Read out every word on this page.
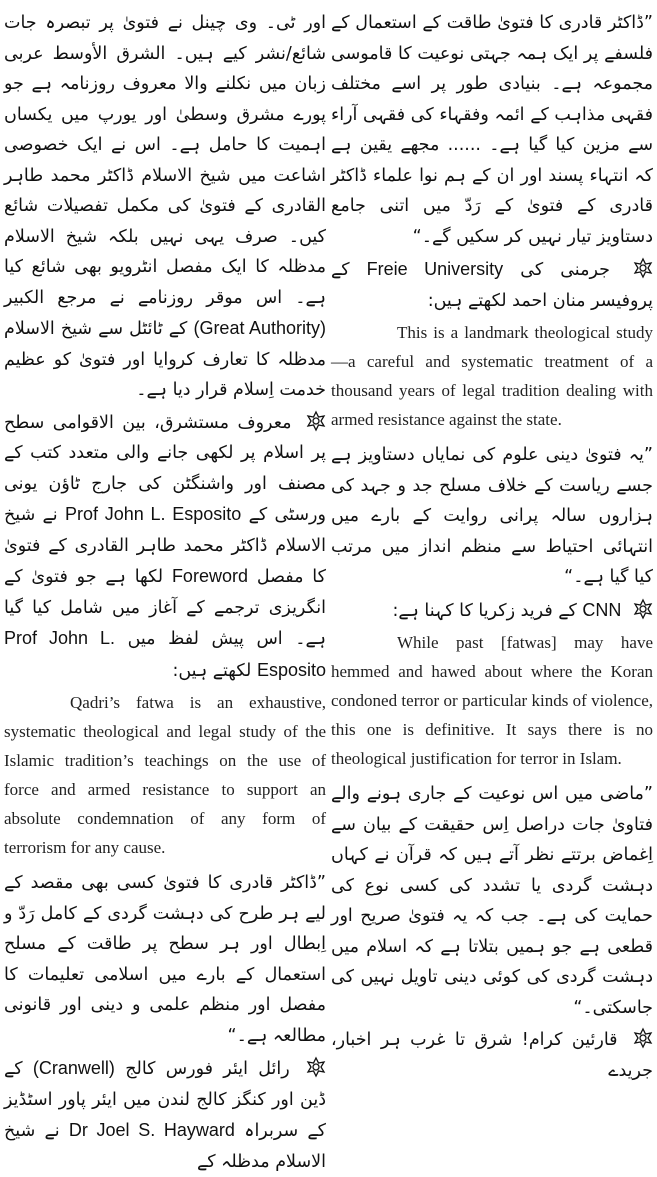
”ڈاکٹر قادری کا فتویٰ طاقت کے استعمال کے فلسفے پر ایک ہمہ جہتی نوعیت کا قاموسی مجموعہ ہے۔ بنیادی طور پر اسے مختلف فقہی مذاہب کے ائمہ وفقہاء کی فقہی آراء سے مزین کیا گیا ہے۔ ...... مجھے یقین ہے کہ انتہاء پسند اور ان کے ہم نوا علماء ڈاکٹر قادری کے فتویٰ کے رَدّ میں اتنی جامع دستاویز تیار نہیں کر سکیں گے۔“

جرمنی کی Freie University کے پروفیسر منان احمد لکھتے ہیں:

This is a landmark theological study—a careful and systematic treatment of a thousand years of legal tradition dealing with armed resistance against the state.

”یہ فتویٰ دینی علوم کی نمایاں دستاویز ہے جسے ریاست کے خلاف مسلح جد و جہد کی ہزاروں سالہ پرانی روایت کے بارے میں انتہائی احتیاط سے منظم انداز میں مرتب کیا گیا ہے۔“

CNN کے فرید زکریا کا کہنا ہے:

While past [fatwas] may have hemmed and hawed about where the Koran condoned terror or particular kinds of violence, this one is definitive. It says there is no theological justification for terror in Islam.

”ماضی میں اس نوعیت کے جاری ہونے والے فتاویٰ جات دراصل اِس حقیقت کے بیان سے اِغماض برتتے نظر آتے ہیں کہ قرآن نے کہاں دہشت گردی یا تشدد کی کسی نوع کی حمایت کی ہے۔ جب کہ یہ فتویٰ صریح اور قطعی ہے جو ہمیں بتلاتا ہے کہ اسلام میں دہشت گردی کی کوئی دینی تاویل نہیں کی جاسکتی۔“

قارئین کرام! شرق تا غرب ہر اخبار، جریدے

اور ٹی۔ وی چینل نے فتویٰ پر تبصرہ جات شائع/نشر کیے ہیں۔ الشرق الأوسط عربی زبان میں نکلنے والا معروف روزنامہ ہے جو پورے مشرق وسطیٰ اور یورپ میں یکساں اہمیت کا حامل ہے۔ اس نے ایک خصوصی اشاعت میں شیخ الاسلام ڈاکٹر محمد طاہر القادری کے فتویٰ کی مکمل تفصیلات شائع کیں۔ صرف یہی نہیں بلکہ شیخ الاسلام مدظلہ کا ایک مفصل انٹرویو بھی شائع کیا ہے۔ اس موقر روزنامے نے مرجع الکبیر (Great Authority) کے ٹائٹل سے شیخ الاسلام مدظلہ کا تعارف کروایا اور فتویٰ کو عظیم خدمت اِسلام قرار دیا ہے۔

معروف مستشرق، بین الاقوامی سطح پر اسلام پر لکھی جانے والی متعدد کتب کے مصنف اور واشنگٹن کی جارج ٹاؤن یونی ورسٹی کے Prof John L. Esposito نے شیخ الاسلام ڈاکٹر محمد طاہر القادری کے فتویٰ کا مفصل Foreword لکھا ہے جو فتویٰ کے انگریزی ترجمے کے آغاز میں شامل کیا گیا ہے۔ اس پیش لفظ میں Prof John L. Esposito لکھتے ہیں:

Qadri’s fatwa is an exhaustive, systematic theological and legal study of the Islamic tradition’s teachings on the use of force and armed resistance to support an absolute condemnation of any form of terrorism for any cause.

”ڈاکٹر قادری کا فتویٰ کسی بھی مقصد کے لیے ہر طرح کی دہشت گردی کے کامل رَدّ و اِبطال اور ہر سطح پر طاقت کے مسلح استعمال کے بارے میں اسلامی تعلیمات کا مفصل اور منظم علمی و دینی اور قانونی مطالعہ ہے۔“

رائل ایئر فورس کالج (Cranwell) کے ڈین اور کنگز کالج لندن میں ایئر پاور اسٹڈیز کے سربراہ Dr Joel S. Hayward نے شیخ الاسلام مدظلہ کے
